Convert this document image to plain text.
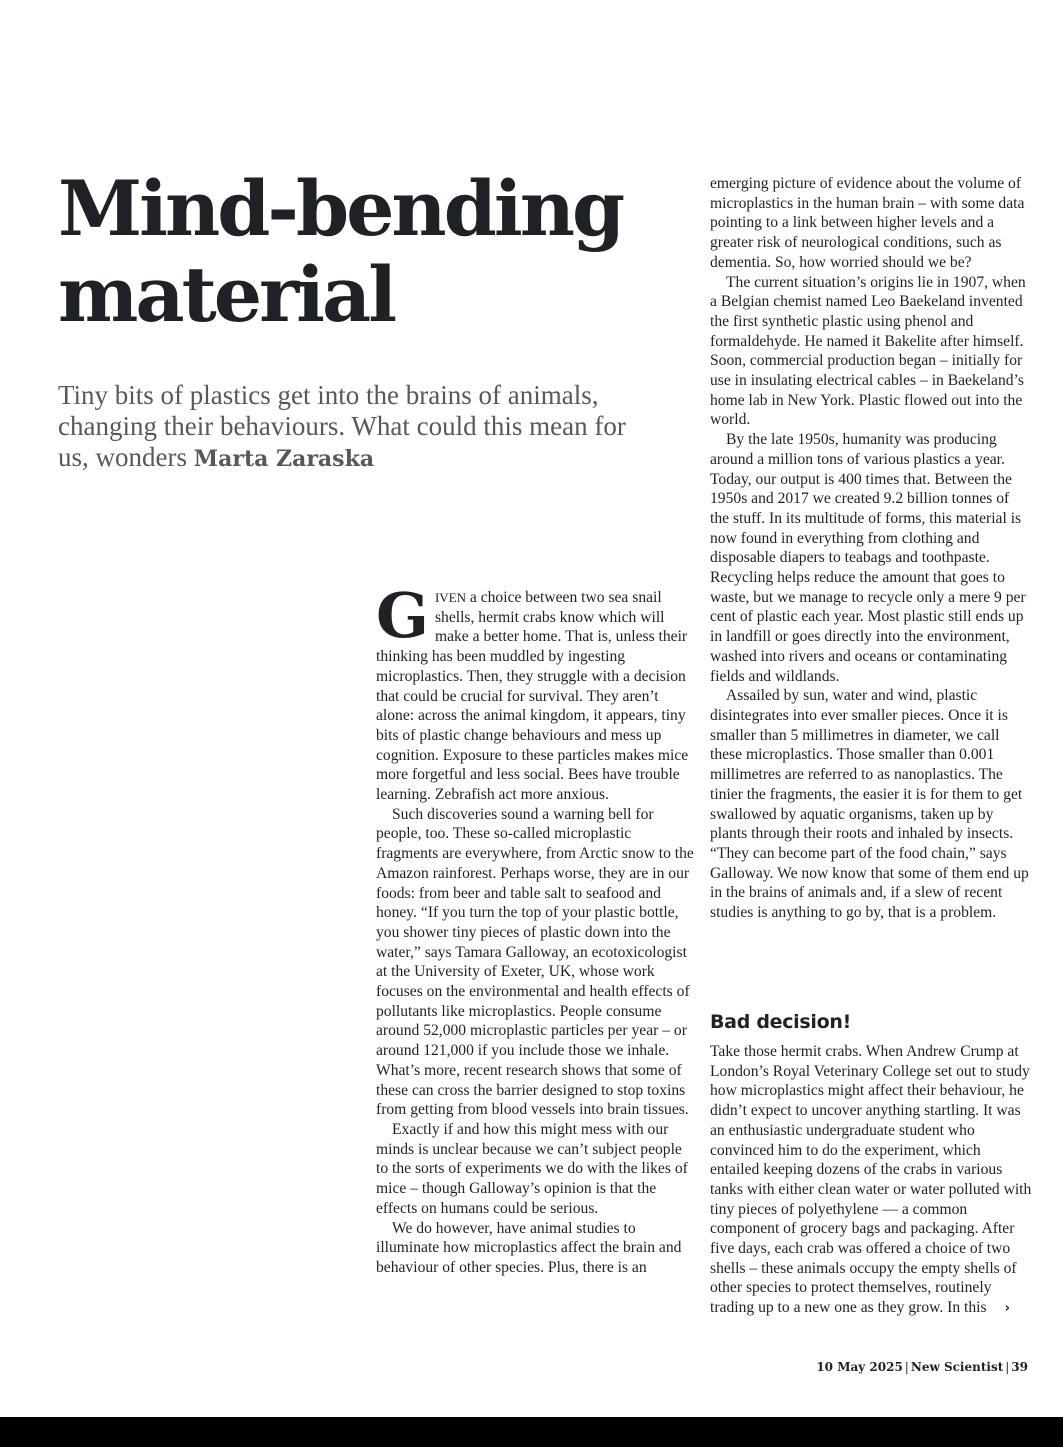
Mind-bending
material

Tiny bits of plastics get into the brains of animals, changing their behaviours. What could this mean for us, wonders Marta Zaraska

GIVEN a choice between two sea snail shells, hermit crabs know which will make a better home. That is, unless their thinking has been muddled by ingesting microplastics. Then, they struggle with a decision that could be crucial for survival. They aren’t alone: across the animal kingdom, it appears, tiny bits of plastic change behaviours and mess up cognition. Exposure to these particles makes mice more forgetful and less social. Bees have trouble learning. Zebrafish act more anxious.

Such discoveries sound a warning bell for people, too. These so-called microplastic fragments are everywhere, from Arctic snow to the Amazon rainforest. Perhaps worse, they are in our foods: from beer and table salt to seafood and honey. “If you turn the top of your plastic bottle, you shower tiny pieces of plastic down into the water,” says Tamara Galloway, an ecotoxicologist at the University of Exeter, UK, whose work focuses on the environmental and health effects of pollutants like microplastics. People consume around 52,000 microplastic particles per year – or around 121,000 if you include those we inhale. What’s more, recent research shows that some of these can cross the barrier designed to stop toxins from getting from blood vessels into brain tissues.

Exactly if and how this might mess with our minds is unclear because we can’t subject people to the sorts of experiments we do with the likes of mice – though Galloway’s opinion is that the effects on humans could be serious.

We do however, have animal studies to illuminate how microplastics affect the brain and behaviour of other species. Plus, there is an

emerging picture of evidence about the volume of microplastics in the human brain – with some data pointing to a link between higher levels and a greater risk of neurological conditions, such as dementia. So, how worried should we be?

The current situation’s origins lie in 1907, when a Belgian chemist named Leo Baekeland invented the first synthetic plastic using phenol and formaldehyde. He named it Bakelite after himself. Soon, commercial production began – initially for use in insulating electrical cables – in Baekeland’s home lab in New York. Plastic flowed out into the world.

By the late 1950s, humanity was producing around a million tons of various plastics a year. Today, our output is 400 times that. Between the 1950s and 2017 we created 9.2 billion tonnes of the stuff. In its multitude of forms, this material is now found in everything from clothing and disposable diapers to teabags and toothpaste. Recycling helps reduce the amount that goes to waste, but we manage to recycle only a mere 9 per cent of plastic each year. Most plastic still ends up in landfill or goes directly into the environment, washed into rivers and oceans or contaminating fields and wildlands.

Assailed by sun, water and wind, plastic disintegrates into ever smaller pieces. Once it is smaller than 5 millimetres in diameter, we call these microplastics. Those smaller than 0.001 millimetres are referred to as nanoplastics. The tinier the fragments, the easier it is for them to get swallowed by aquatic organisms, taken up by plants through their roots and inhaled by insects. “They can become part of the food chain,” says Galloway. We now know that some of them end up in the brains of animals and, if a slew of recent studies is anything to go by, that is a problem.

Bad decision!

Take those hermit crabs. When Andrew Crump at London’s Royal Veterinary College set out to study how microplastics might affect their behaviour, he didn’t expect to uncover anything startling. It was an enthusiastic undergraduate student who convinced him to do the experiment, which entailed keeping dozens of the crabs in various tanks with either clean water or water polluted with tiny pieces of polyethylene — a common component of grocery bags and packaging. After five days, each crab was offered a choice of two shells – these animals occupy the empty shells of other species to protect themselves, routinely trading up to a new one as they grow. In this ›

10 May 2025 | New Scientist | 39
